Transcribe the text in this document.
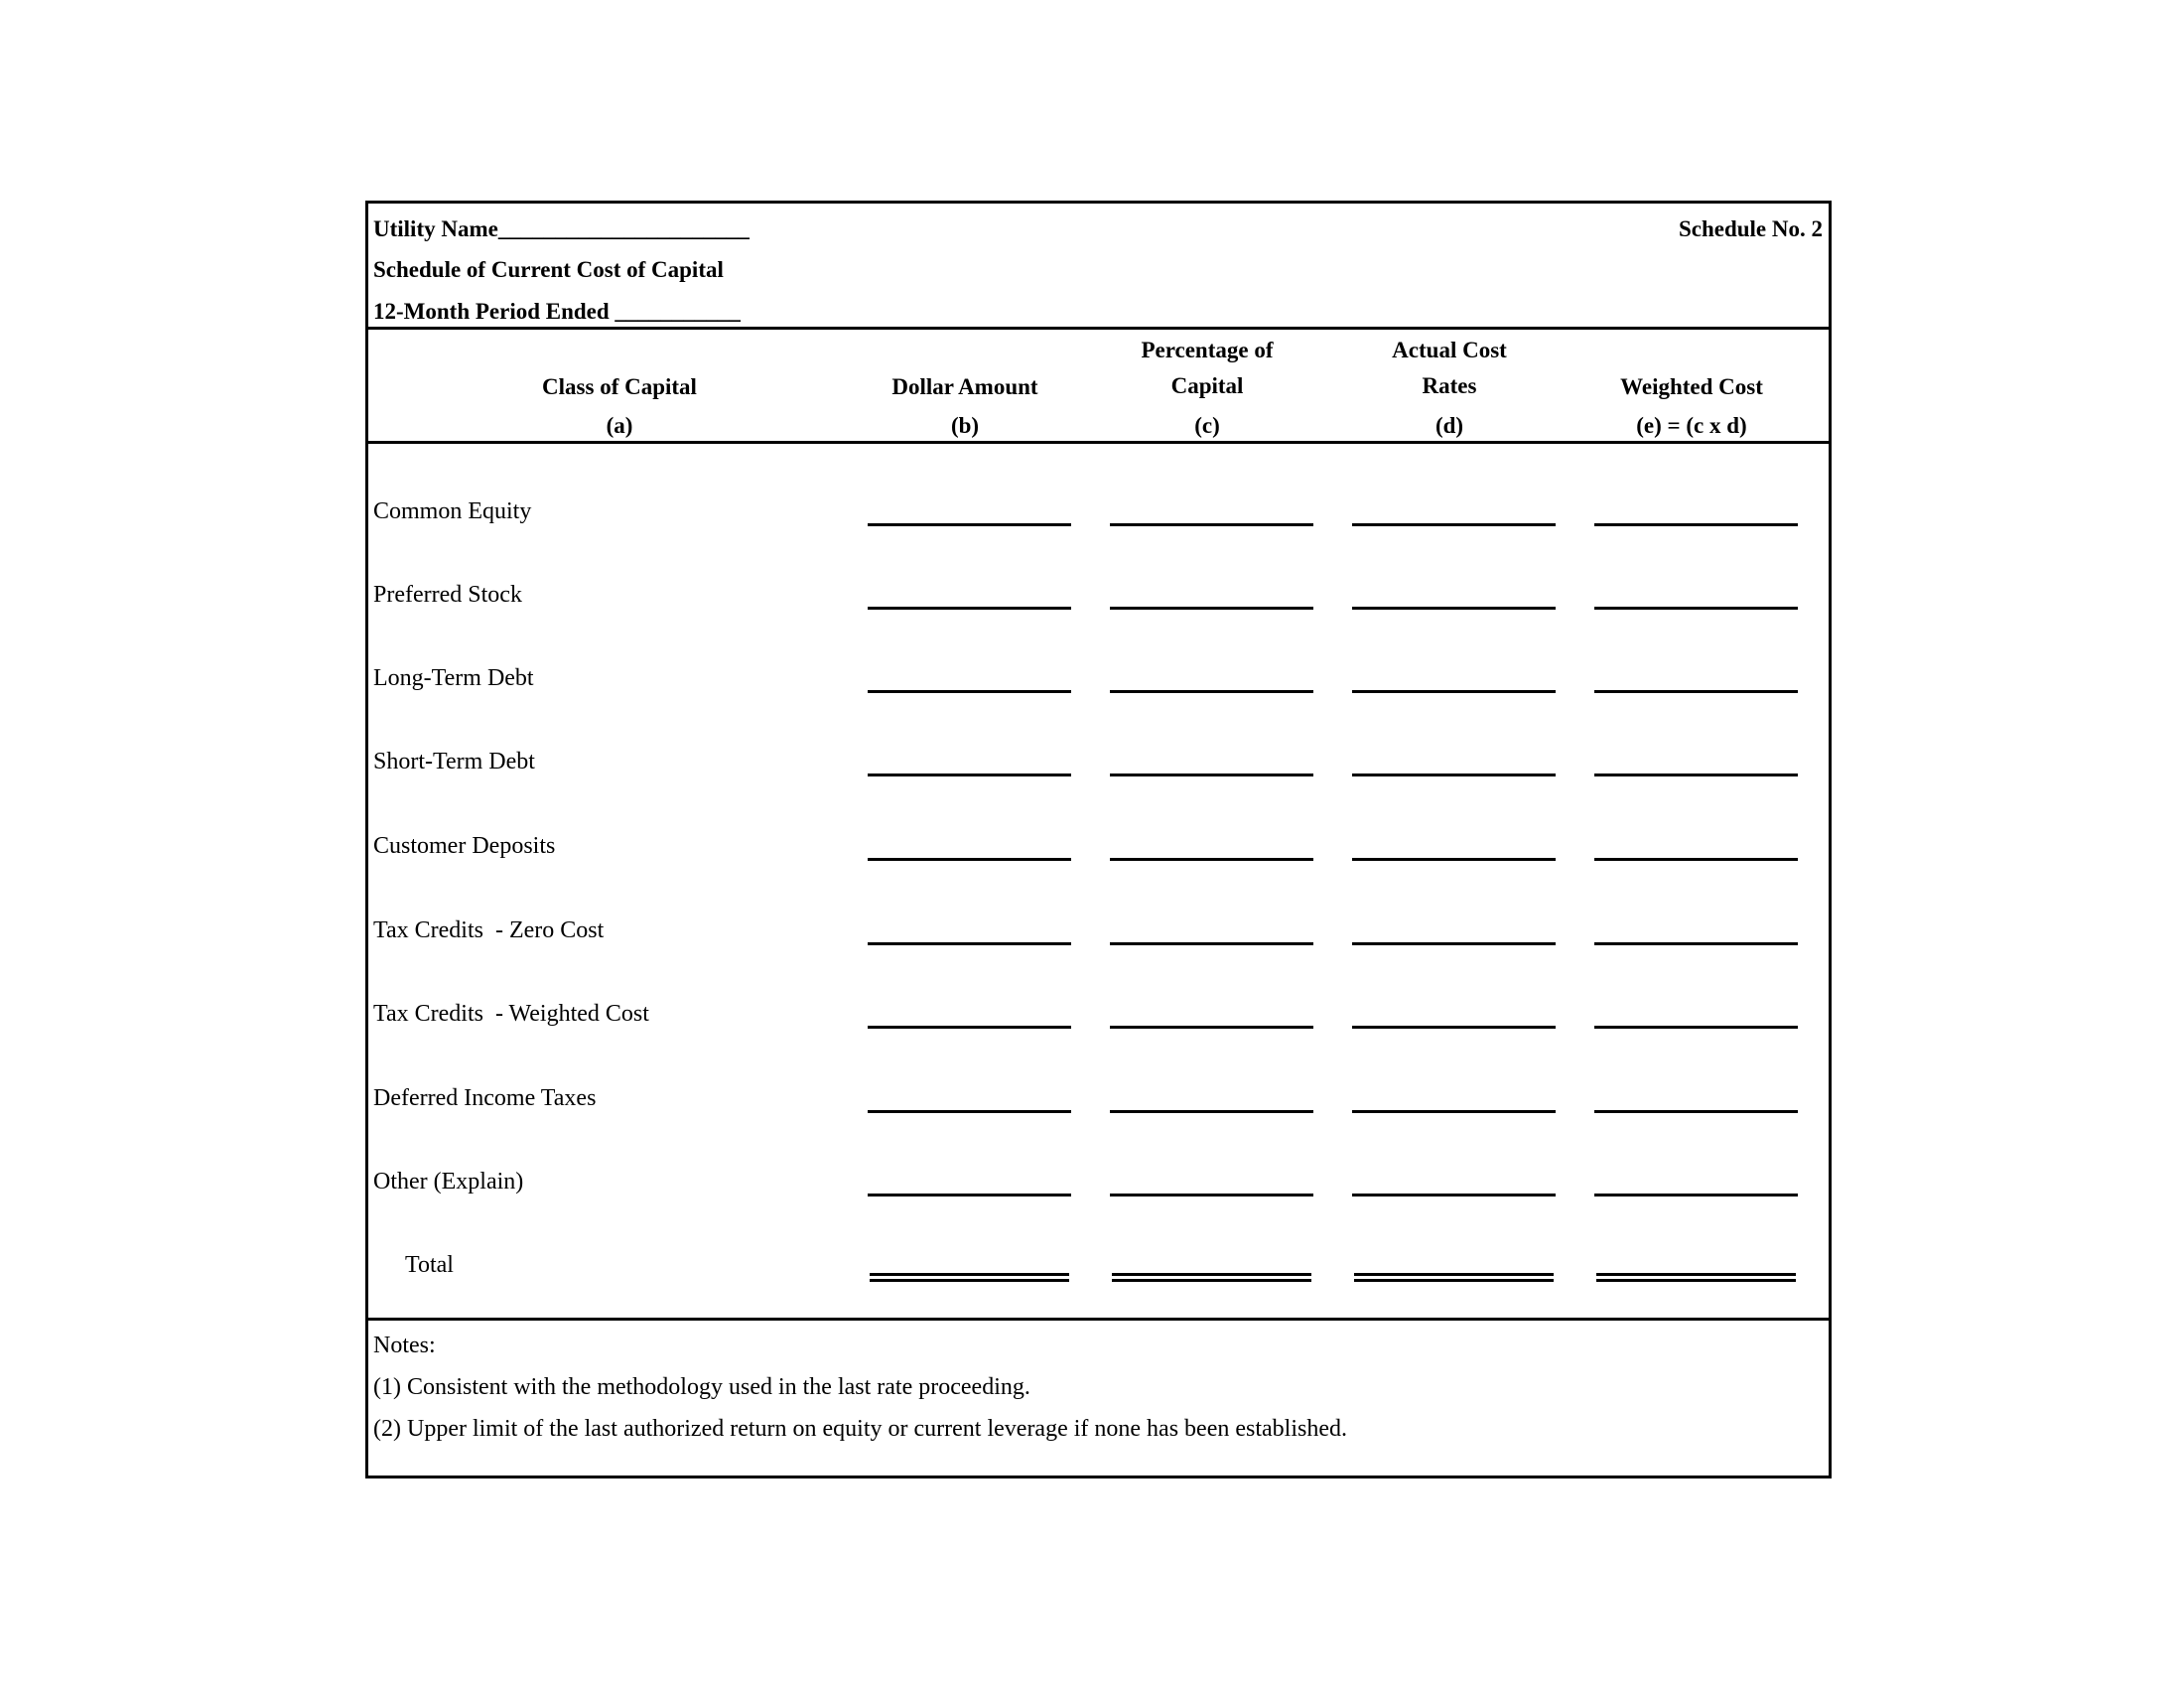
Utility Name______________________	Schedule No. 2
Schedule of Current Cost of Capital
12-Month Period Ended ___________
Class of Capital
(a)
Dollar Amount
(b)
Percentage of
Capital
(c)
Actual Cost
Rates
(d)
Weighted Cost
(e) = (c x d)
Common Equity
Preferred Stock
Long-Term Debt
Short-Term Debt
Customer Deposits
Tax Credits  - Zero Cost
Tax Credits  - Weighted Cost
Deferred Income Taxes
Other (Explain)
Total
Notes:
(1) Consistent with the methodology used in the last rate proceeding.
(2) Upper limit of the last authorized return on equity or current leverage if none has been established.
